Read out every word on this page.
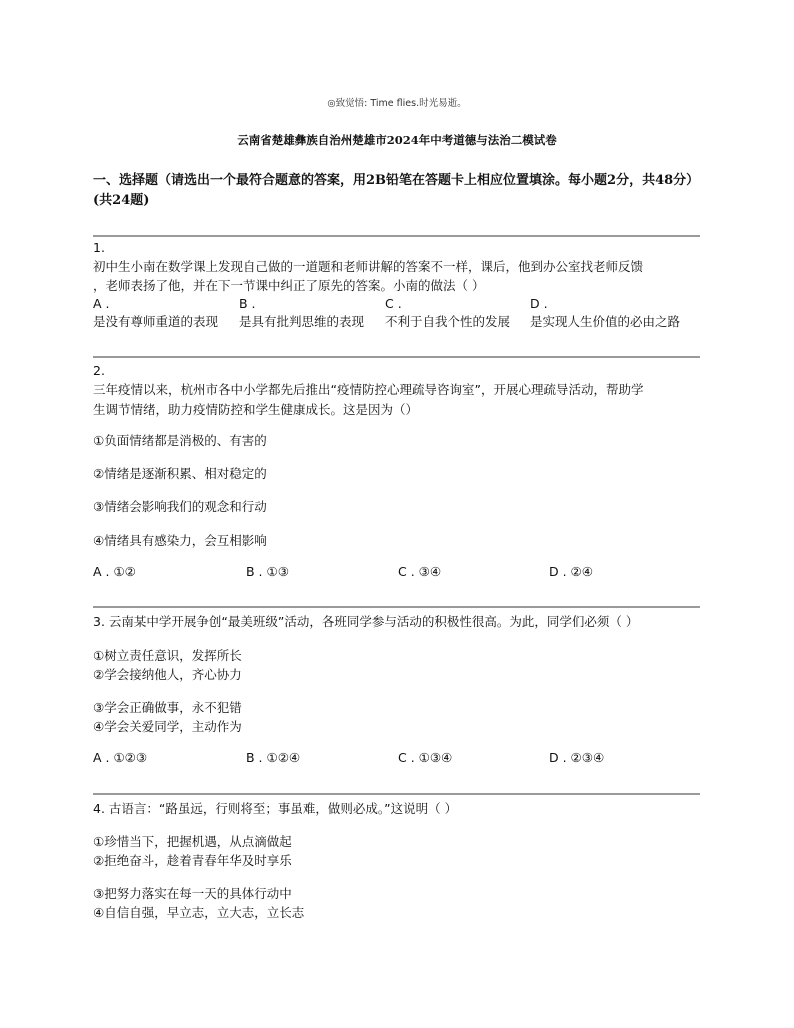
◎致觉悟: Time flies.时光易逝。
云南省楚雄彝族自治州楚雄市2024年中考道德与法治二模试卷
一、选择题（请选出一个最符合题意的答案，用2B铅笔在答题卡上相应位置填涂。每小题2分，共48分）(共24题)
1.
初中生小南在数学课上发现自己做的一道题和老师讲解的答案不一样，课后，他到办公室找老师反馈
，老师表扬了他，并在下一节课中纠正了原先的答案。小南的做法（ ）
A .	B .	C .	D .
是没有尊师重道的表现 是具有批判思维的表现 不利于自我个性的发展 是实现人生价值的必由之路
2.
三年疫情以来，杭州市各中小学都先后推出“疫情防控心理疏导咨询室”，开展心理疏导活动，帮助学
生调节情绪，助力疫情防控和学生健康成长。这是因为（）
①负面情绪都是消极的、有害的
②情绪是逐渐积累、相对稳定的
③情绪会影响我们的观念和行动
④情绪具有感染力，会互相影响
A . ①②	B . ①③	C . ③④	D . ②④
3. 云南某中学开展争创“最美班级”活动，各班同学参与活动的积极性很高。为此，同学们必须（ ）
①树立责任意识，发挥所长
②学会接纳他人，齐心协力
③学会正确做事，永不犯错
④学会关爱同学，主动作为
A . ①②③	B . ①②④	C . ①③④	D . ②③④
4. 古语言：“路虽远，行则将至；事虽难，做则必成。”这说明（ ）
①珍惜当下，把握机遇，从点滴做起
②拒绝奋斗，趁着青春年华及时享乐
③把努力落实在每一天的具体行动中
④自信自强，早立志，立大志，立长志
